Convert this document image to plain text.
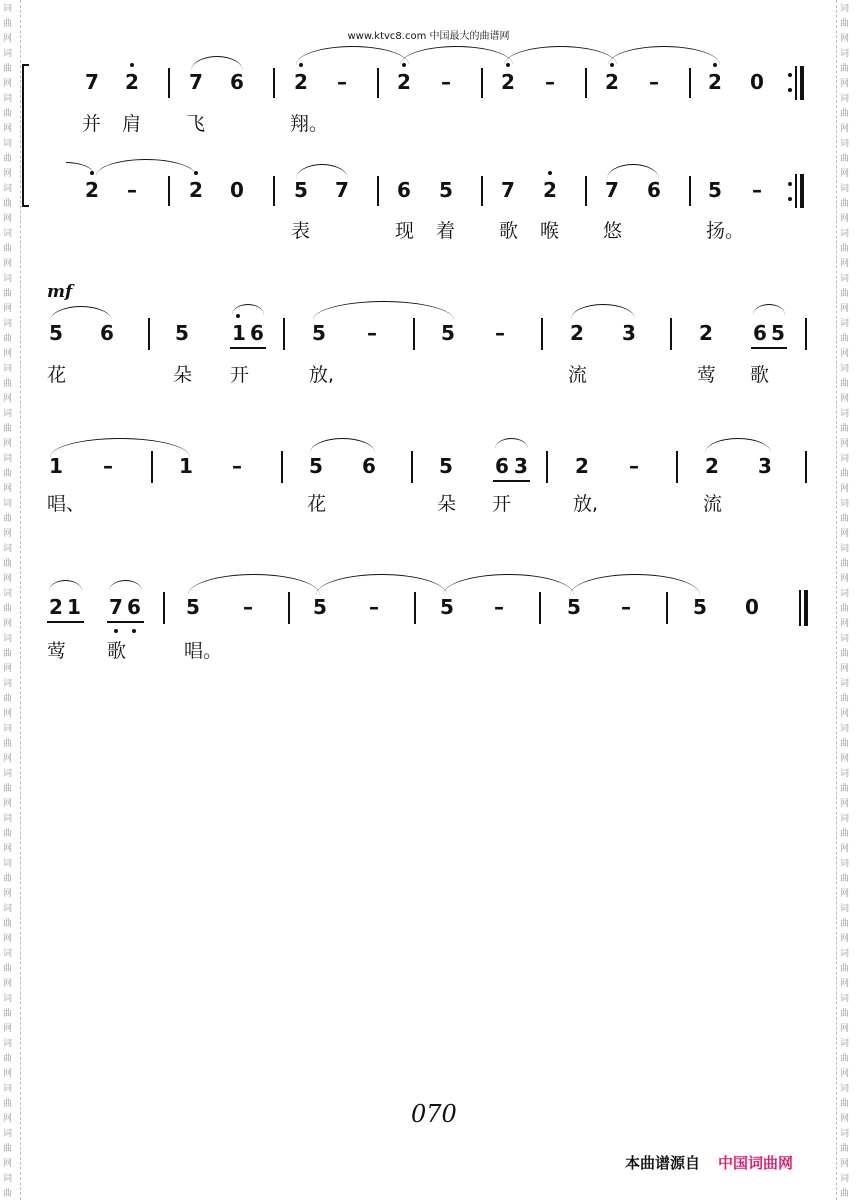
词
曲
网
词
曲
网
词
曲
网
词
曲
网
词
曲
网
词
曲
网
词
曲
网
词
曲
网
词
曲
网
词
曲
网
词
曲
网
词
曲
网
词
曲
网
词
曲
网
词
曲
网
词
曲
网
词
曲
网
词
曲
网
词
曲
网
词
曲
网
词
曲
网
词
曲
网
词
曲
网
词
曲
网
词
曲
网
词
曲
网
词
曲
词
曲
网
词
曲
网
词
曲
网
词
曲
网
词
曲
网
词
曲
网
词
曲
网
词
曲
网
词
曲
网
词
曲
网
词
曲
网
词
曲
网
词
曲
网
词
曲
网
词
曲
网
词
曲
网
词
曲
网
词
曲
网
词
曲
网
词
曲
网
词
曲
网
词
曲
网
词
曲
网
词
曲
网
词
曲
网
词
曲
网
词
曲
www.ktvc8.com 中国最大的曲谱网
7 2	7 6	2 –	2 –	2 –	2 – 2 0
并 肩 飞	翔。
2 –	2 0	5 7 6 5 7 2 7 6 5 –
表	现 着 歌 喉 悠	扬。
mf
5 6	5 1 6 5 –	5 –	2 3	2 6 5
花	朵 开	放,	流	莺 歌
1 –	1 –	5 6	5 6 3 2 –	2 3
唱、	花	朵 开	放,	流
2 1 7 6 5 –	5 –	5 –	5 –	5 0
莺 歌	唱。
070
本曲谱源自 中国词曲网
